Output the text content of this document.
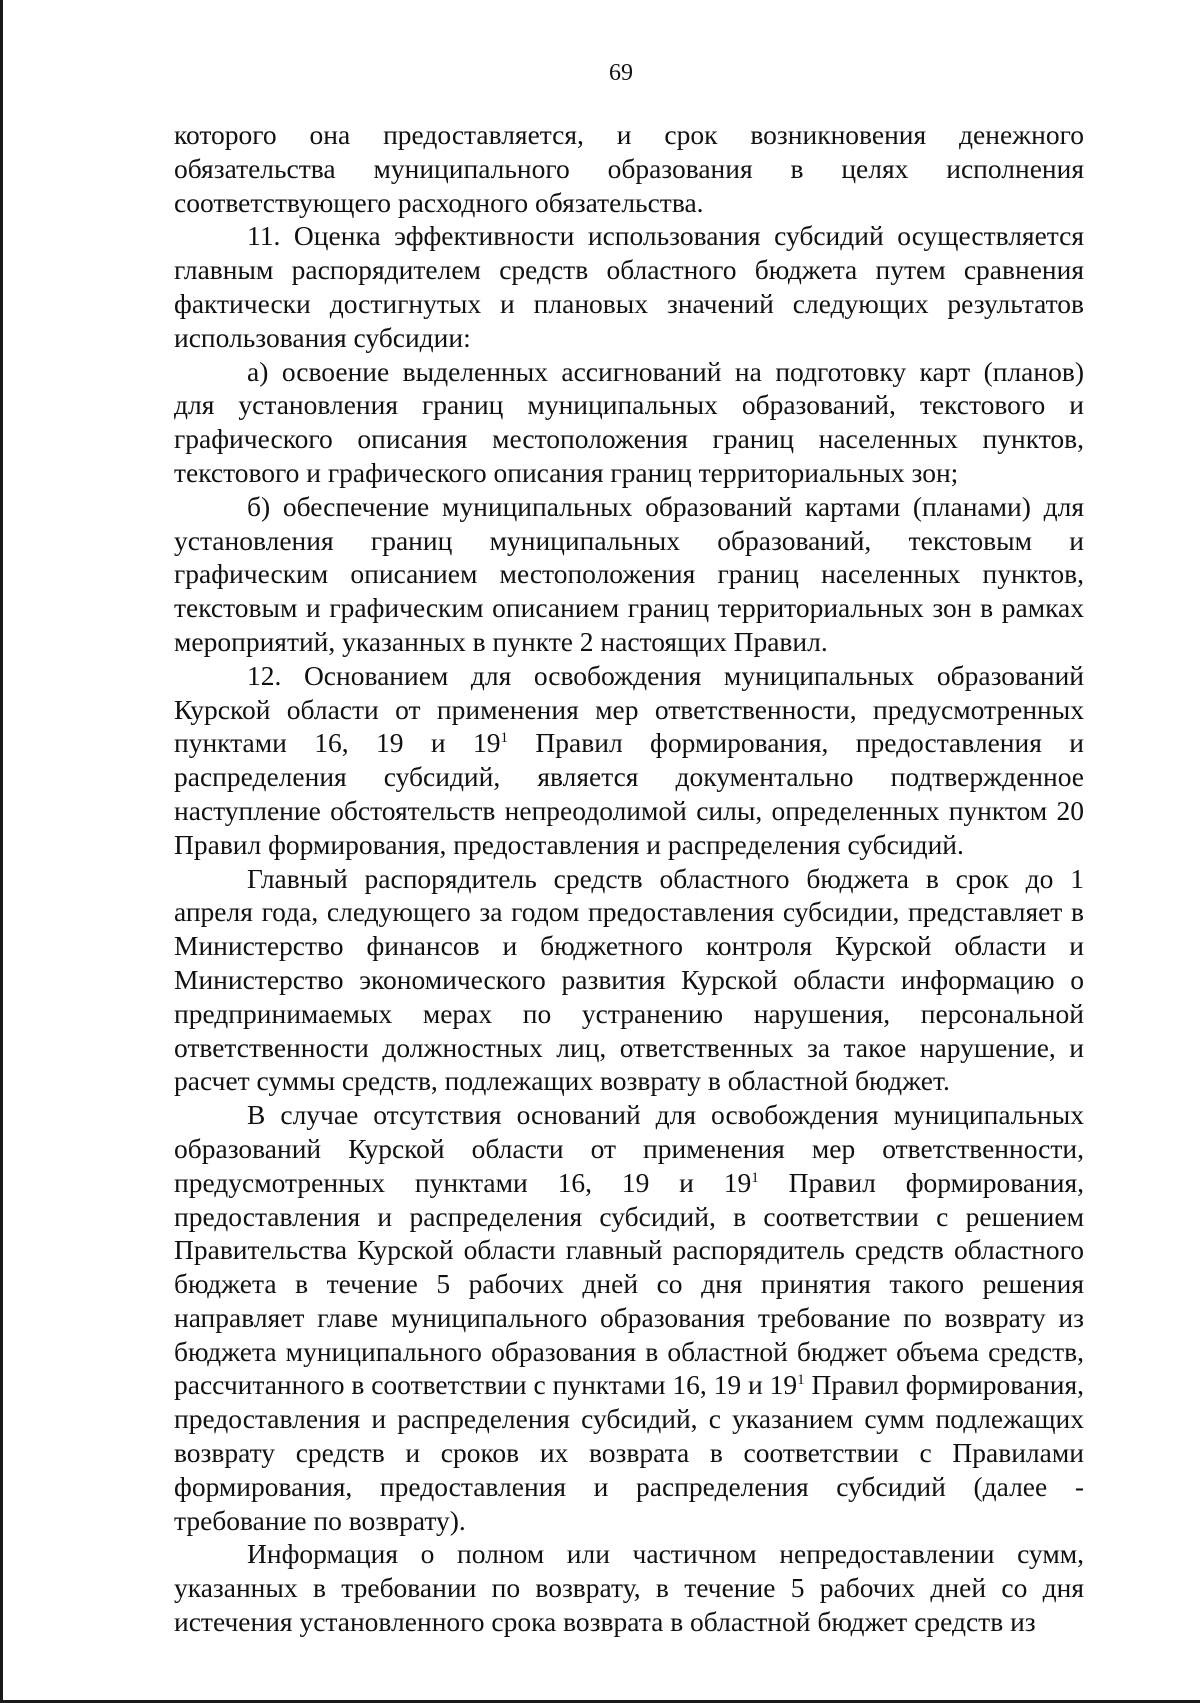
69

которого она предоставляется, и срок возникновения денежного обязательства муниципального образования в целях исполнения соответствующего расходного обязательства.

11. Оценка эффективности использования субсидий осуществляется главным распорядителем средств областного бюджета путем сравнения фактически достигнутых и плановых значений следующих результатов использования субсидии:

а) освоение выделенных ассигнований на подготовку карт (планов) для установления границ муниципальных образований, текстового и графического описания местоположения границ населенных пунктов, текстового и графического описания границ территориальных зон;

б) обеспечение муниципальных образований картами (планами) для установления границ муниципальных образований, текстовым и графическим описанием местоположения границ населенных пунктов, текстовым и графическим описанием границ территориальных зон в рамках мероприятий, указанных в пункте 2 настоящих Правил.

12. Основанием для освобождения муниципальных образований Курской области от применения мер ответственности, предусмотренных пунктами 16, 19 и $19^1$ Правил формирования, предоставления и распределения субсидий, является документально подтвержденное наступление обстоятельств непреодолимой силы, определенных пунктом 20 Правил формирования, предоставления и распределения субсидий.

Главный распорядитель средств областного бюджета в срок до 1 апреля года, следующего за годом предоставления субсидии, представляет в Министерство финансов и бюджетного контроля Курской области и Министерство экономического развития Курской области информацию о предпринимаемых мерах по устранению нарушения, персональной ответственности должностных лиц, ответственных за такое нарушение, и расчет суммы средств, подлежащих возврату в областной бюджет.

В случае отсутствия оснований для освобождения муниципальных образований Курской области от применения мер ответственности, предусмотренных пунктами 16, 19 и $19^1$ Правил формирования, предоставления и распределения субсидий, в соответствии с решением Правительства Курской области главный распорядитель средств областного бюджета в течение 5 рабочих дней со дня принятия такого решения направляет главе муниципального образования требование по возврату из бюджета муниципального образования в областной бюджет объема средств, рассчитанного в соответствии с пунктами 16, 19 и $19^1$ Правил формирования, предоставления и распределения субсидий, с указанием сумм подлежащих возврату средств и сроков их возврата в соответствии с Правилами формирования, предоставления и распределения субсидий (далее - требование по возврату).

Информация о полном или частичном непредоставлении сумм, указанных в требовании по возврату, в течение 5 рабочих дней со дня истечения установленного срока возврата в областной бюджет средств из
